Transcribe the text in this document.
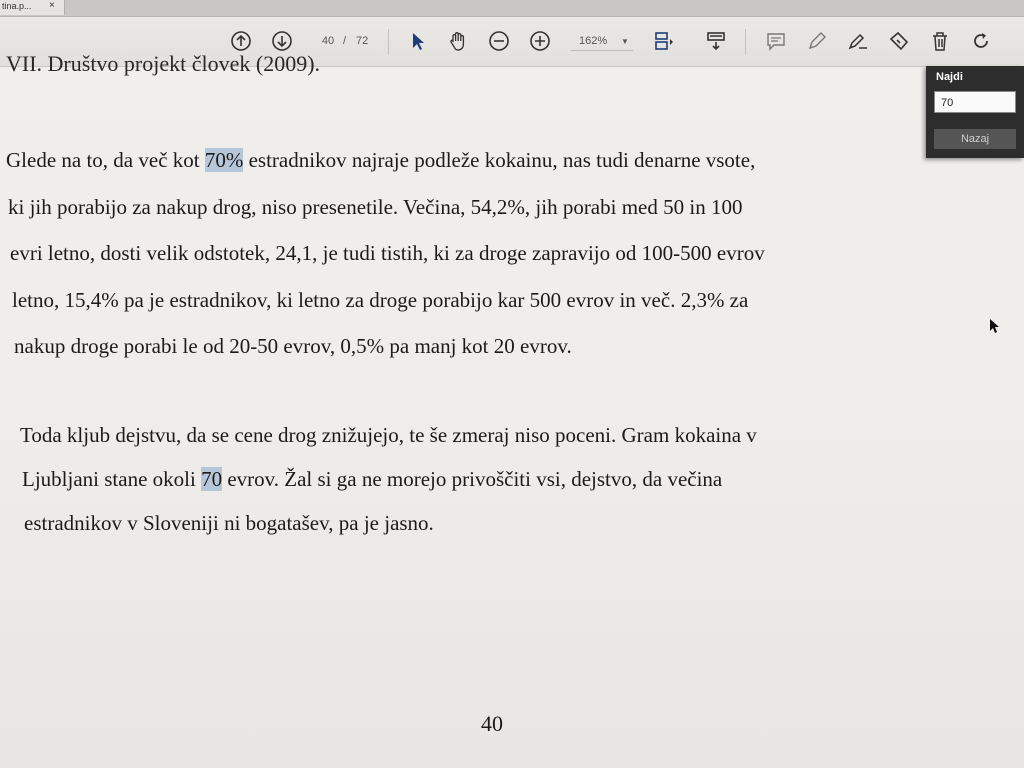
tina.p... ×
40 / 72	162% ▼
VII. Društvo projekt človek (2009).
Glede na to, da več kot 70% estradnikov najraje podleže kokainu, nas tudi denarne vsote,
ki jih porabijo za nakup drog, niso presenetile. Večina, 54,2%, jih porabi med 50 in 100
evri letno, dosti velik odstotek, 24,1, je tudi tistih, ki za droge zapravijo od 100-500 evrov
letno, 15,4% pa je estradnikov, ki letno za droge porabijo kar 500 evrov in več. 2,3% za
nakup droge porabi le od 20-50 evrov, 0,5% pa manj kot 20 evrov.
Toda kljub dejstvu, da se cene drog znižujejo, te še zmeraj niso poceni. Gram kokaina v
Ljubljani stane okoli 70 evrov. Žal si ga ne morejo privoščiti vsi, dejstvo, da večina
estradnikov v Sloveniji ni bogatašev, pa je jasno.
40
Najdi
70
Nazaj
